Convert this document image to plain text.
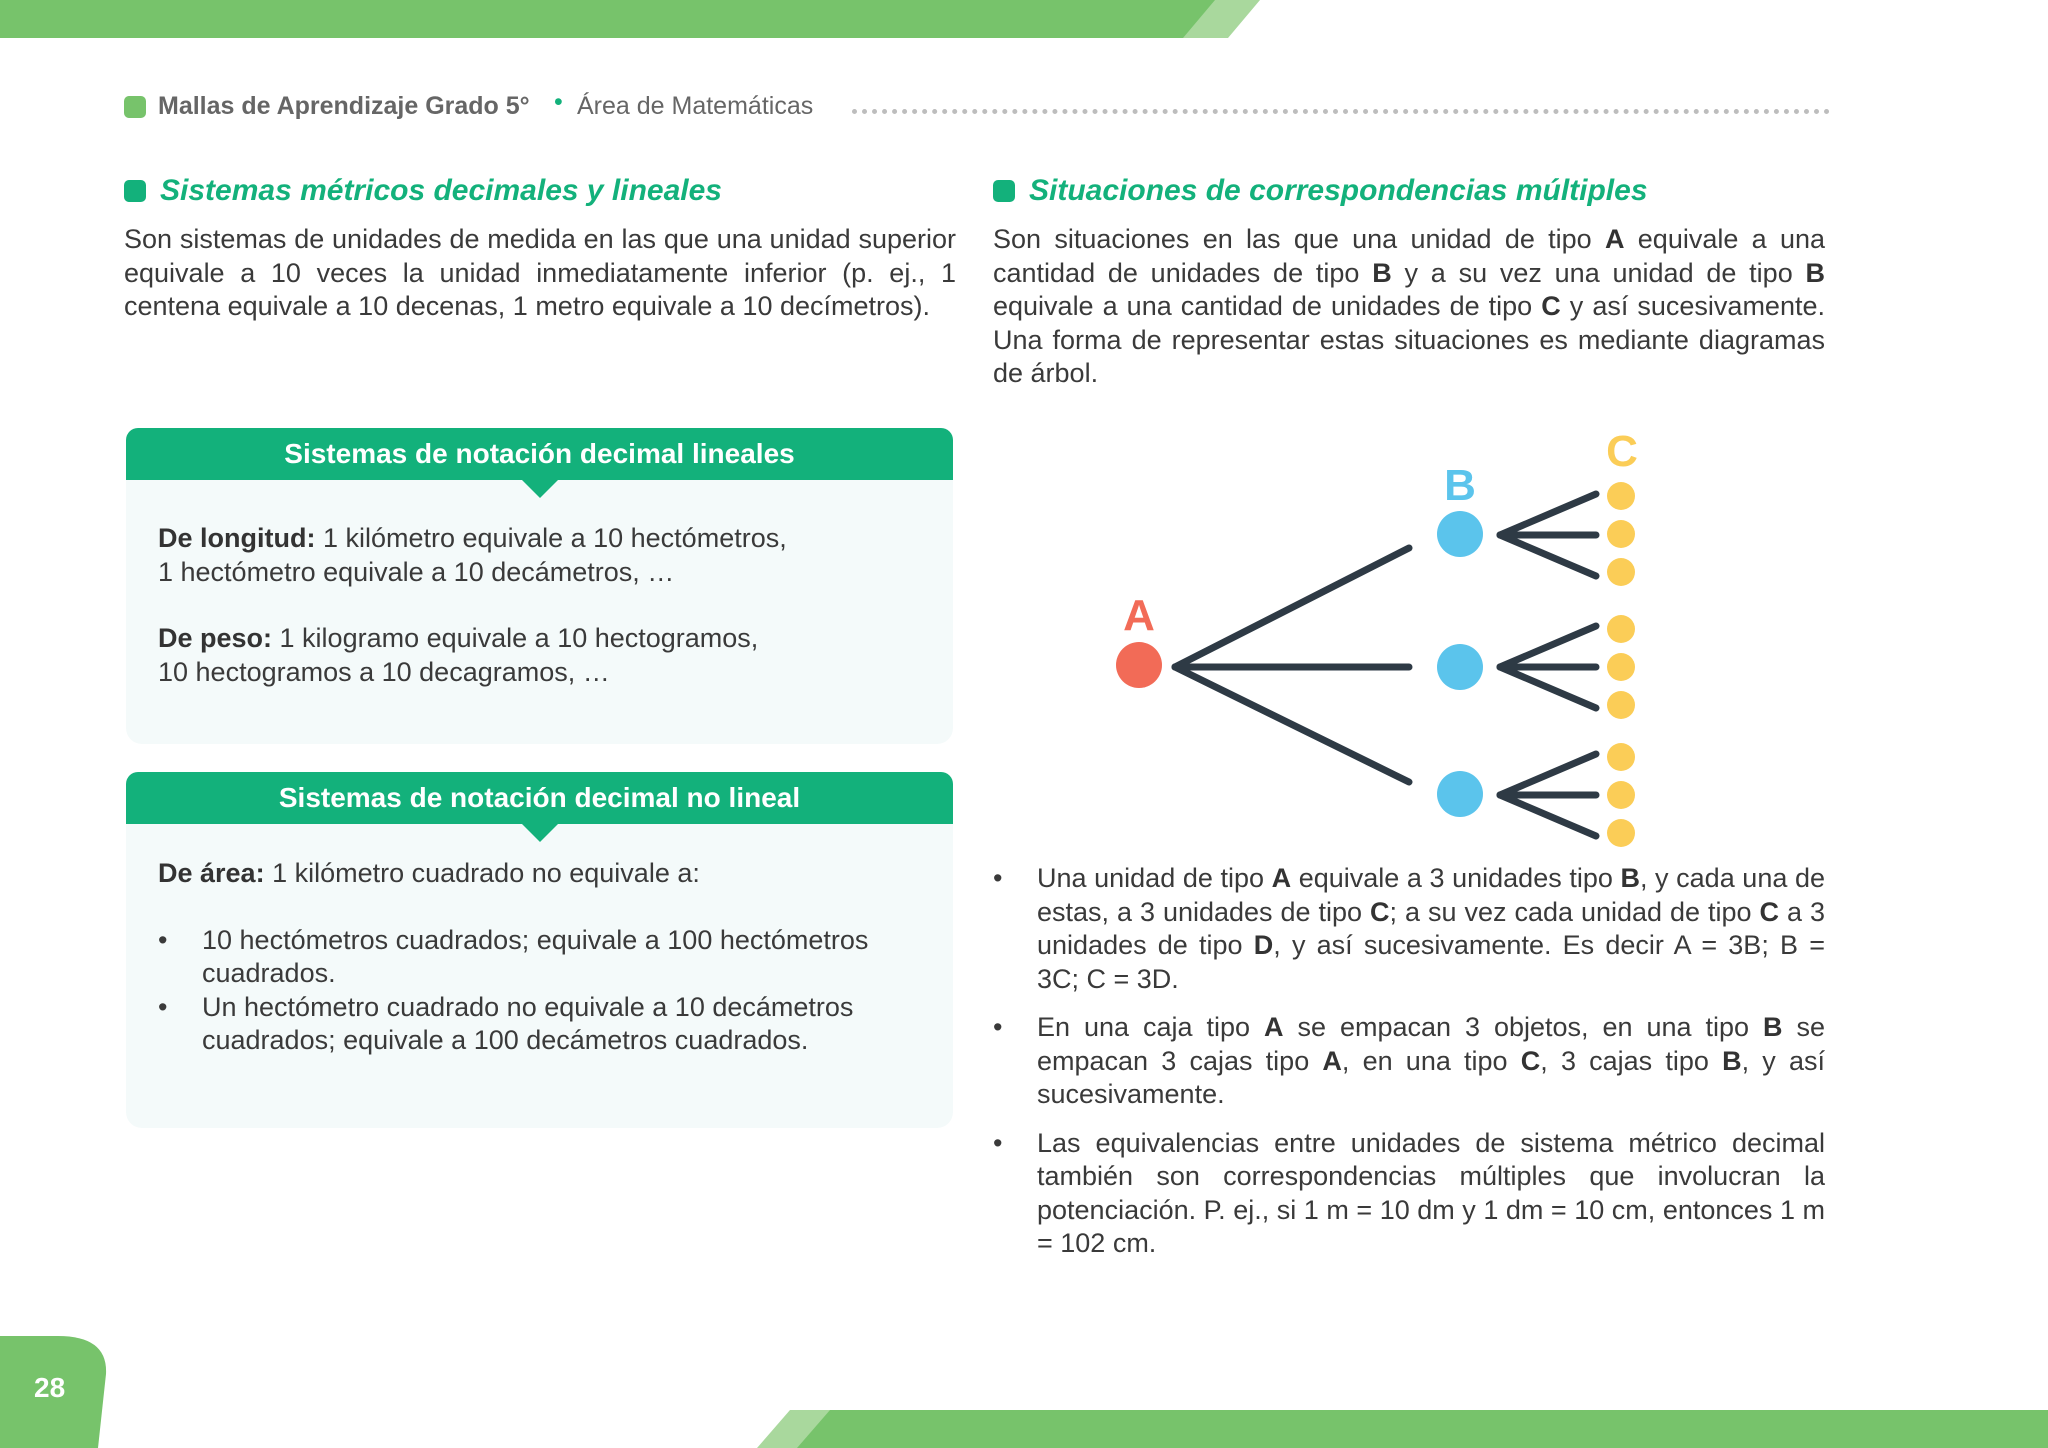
Mallas de Aprendizaje Grado 5° • Área de Matemáticas
Sistemas métricos decimales y lineales
Son sistemas de unidades de medida en las que una unidad superior equivale a 10 veces la unidad inmediatamente inferior (p. ej., 1 centena equivale a 10 decenas, 1 metro equivale a 10 decímetros).
Sistemas de notación decimal lineales
De longitud: 1 kilómetro equivale a 10 hectómetros,
1 hectómetro equivale a 10 decámetros, …
De peso: 1 kilogramo equivale a 10 hectogramos,
10 hectogramos a 10 decagramos, …
Sistemas de notación decimal no lineal
De área: 1 kilómetro cuadrado no equivale a:
• 10 hectómetros cuadrados; equivale a 100 hectómetros cuadrados.
• Un hectómetro cuadrado no equivale a 10 decámetros cuadrados; equivale a 100 decámetros cuadrados.
Situaciones de correspondencias múltiples
Son situaciones en las que una unidad de tipo A equivale a una cantidad de unidades de tipo B y a su vez una unidad de tipo B equivale a una cantidad de unidades de tipo C y así sucesivamente. Una forma de representar estas situaciones es mediante diagramas de árbol.
A
B
C
• Una unidad de tipo A equivale a 3 unidades tipo B, y cada una de estas, a 3 unidades de tipo C; a su vez cada unidad de tipo C a 3 unidades de tipo D, y así sucesivamente. Es decir A = 3B; B = 3C; C = 3D.
• En una caja tipo A se empacan 3 objetos, en una tipo B se empacan 3 cajas tipo A, en una tipo C, 3 cajas tipo B, y así sucesivamente.
• Las equivalencias entre unidades de sistema métrico decimal también son correspondencias múltiples que involucran la potenciación. P. ej., si 1 m = 10 dm y 1 dm = 10 cm, entonces 1 m = 102 cm.
28
